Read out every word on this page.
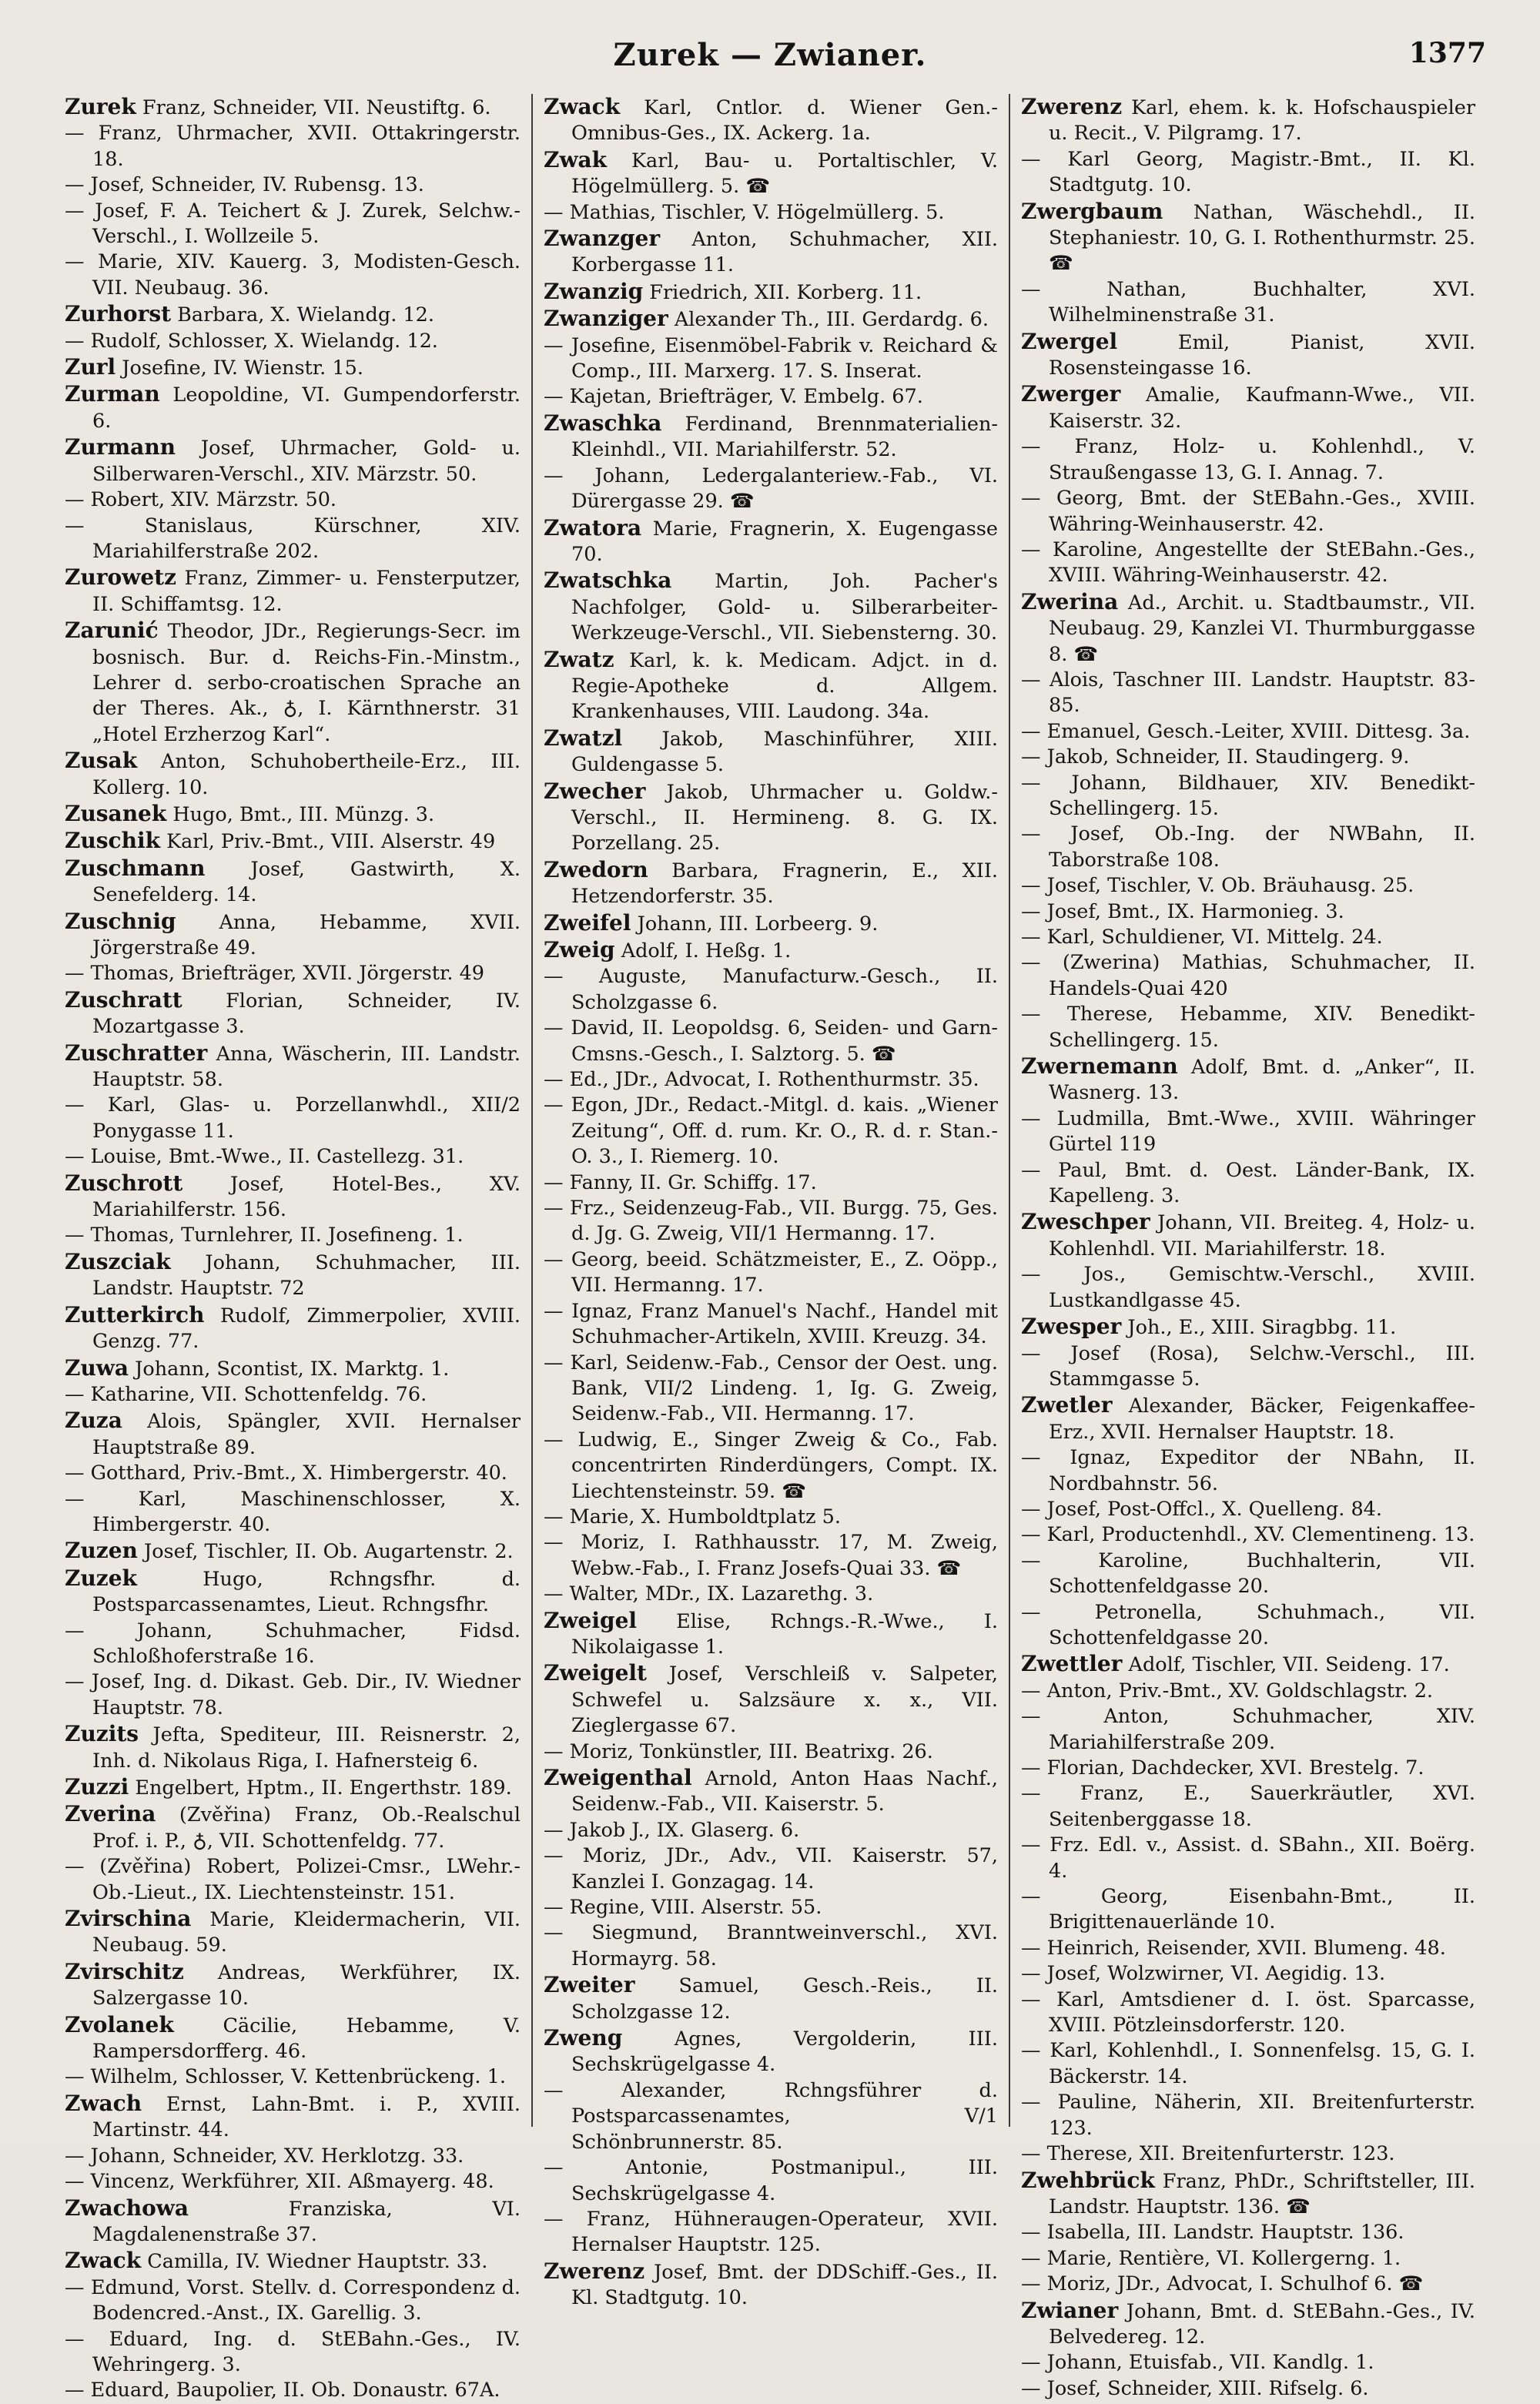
Zurek — Zwianer.	1377
Zurek Franz, Schneider, VII. Neustiftg. 6.
— Franz, Uhrmacher, XVII. Ottakringerstr. 18.
— Josef, Schneider, IV. Rubensg. 13.
— Josef, F. A. Teichert & J. Zurek, Selchw.-Verschl., I. Wollzeile 5.
— Marie, XIV. Kauerg. 3, Modisten-Gesch. VII. Neubaug. 36.
Zurhorst Barbara, X. Wielandg. 12.
— Rudolf, Schlosser, X. Wielandg. 12.
Zurl Josefine, IV. Wienstr. 15.
Zurman Leopoldine, VI. Gumpendorferstr. 6.
Zurmann Josef, Uhrmacher, Gold- u. Silberwaren-Verschl., XIV. Märzstr. 50.
— Robert, XIV. Märzstr. 50.
— Stanislaus, Kürschner, XIV. Mariahilferstraße 202.
Zurowetz Franz, Zimmer- u. Fensterputzer, II. Schiffamtsg. 12.
Zarunić Theodor, JDr., Regierungs-Secr. im bosnisch. Bur. d. Reichs-Fin.-Minstm., Lehrer d. serbo-croatischen Sprache an der Theres. Ak., ♁, I. Kärnthnerstr. 31 „Hotel Erzherzog Karl“.
Zusak Anton, Schuhobertheile-Erz., III. Kollerg. 10.
Zusanek Hugo, Bmt., III. Münzg. 3.
Zuschik Karl, Priv.-Bmt., VIII. Alserstr. 49
Zuschmann Josef, Gastwirth, X. Senefelderg. 14.
Zuschnig Anna, Hebamme, XVII. Jörgerstraße 49.
— Thomas, Briefträger, XVII. Jörgerstr. 49
Zuschratt Florian, Schneider, IV. Mozartgasse 3.
Zuschratter Anna, Wäscherin, III. Landstr. Hauptstr. 58.
— Karl, Glas- u. Porzellanwhdl., XII/2 Ponygasse 11.
— Louise, Bmt.-Wwe., II. Castellezg. 31.
Zuschrott Josef, Hotel-Bes., XV. Mariahilferstr. 156.
— Thomas, Turnlehrer, II. Josefineng. 1.
Zuszciak Johann, Schuhmacher, III. Landstr. Hauptstr. 72
Zutterkirch Rudolf, Zimmerpolier, XVIII. Genzg. 77.
Zuwa Johann, Scontist, IX. Marktg. 1.
— Katharine, VII. Schottenfeldg. 76.
Zuza Alois, Spängler, XVII. Hernalser Hauptstraße 89.
— Gotthard, Priv.-Bmt., X. Himbergerstr. 40.
— Karl, Maschinenschlosser, X. Himbergerstr. 40.
Zuzen Josef, Tischler, II. Ob. Augartenstr. 2.
Zuzek	Hugo, Rchngsfhr. d. Postsparcassenamtes, Lieut. Rchngsfhr.
— Johann, Schuhmacher, Fidsd. Schloßhoferstraße 16.
— Josef, Ing. d. Dikast. Geb. Dir., IV. Wiedner Hauptstr. 78.
Zuzits Jefta, Spediteur, III. Reisnerstr. 2, Inh. d. Nikolaus Riga, I. Hafnersteig 6.
Zuzzi Engelbert, Hptm., II. Engerthstr. 189.
Zverina (Zvěřina) Franz, Ob.-Realschul Prof. i. P., ♁, VII. Schottenfeldg. 77.
— (Zvěřina) Robert, Polizei-Cmsr., LWehr.-Ob.-Lieut., IX. Liechtensteinstr. 151.
Zvirschina Marie, Kleidermacherin, VII. Neubaug. 59.
Zvirschitz Andreas, Werkführer, IX. Salzergasse 10.
Zvolanek Cäcilie, Hebamme, V. Rampersdorfferg. 46.
— Wilhelm, Schlosser, V. Kettenbrückeng. 1.
Zwach Ernst, Lahn-Bmt. i. P., XVIII. Martinstr. 44.
— Johann, Schneider, XV. Herklotzg. 33.
— Vincenz, Werkführer, XII. Aßmayerg. 48.
Zwachowa	Franziska, VI. Magdalenenstraße 37.
Zwack Camilla, IV. Wiedner Hauptstr. 33.
— Edmund, Vorst. Stellv. d. Correspondenz d. Bodencred.-Anst., IX. Garellig. 3.
— Eduard, Ing. d. StEBahn.-Ges., IV. Wehringerg. 3.
— Eduard, Baupolier, II. Ob. Donaustr. 67A.
Zwack Karl, Cntlor. d. Wiener Gen.-Omnibus-Ges., IX. Ackerg. 1a.
Zwak Karl, Bau- u. Portaltischler, V. Högelmüllerg. 5. ☎
— Mathias, Tischler, V. Högelmüllerg. 5.
Zwanzger Anton, Schuhmacher, XII. Korbergasse 11.
Zwanzig Friedrich, XII. Korberg. 11.
Zwanziger Alexander Th., III. Gerdardg. 6.
— Josefine, Eisenmöbel-Fabrik v. Reichard & Comp., III. Marxerg. 17. S. Inserat.
— Kajetan, Briefträger, V. Embelg. 67.
Zwaschka Ferdinand, Brennmaterialien-Kleinhdl., VII. Mariahilferstr. 52.
— Johann, Ledergalanteriew.-Fab., VI. Dürergasse 29. ☎
Zwatora Marie, Fragnerin, X. Eugengasse 70.
Zwatschka Martin, Joh. Pacher's Nachfolger, Gold- u. Silberarbeiter-Werkzeuge-Verschl., VII. Siebensterng. 30.
Zwatz Karl, k. k. Medicam. Adjct. in d. Regie-Apotheke d. Allgem. Krankenhauses, VIII. Laudong. 34a.
Zwatzl Jakob, Maschinführer, XIII. Guldengasse 5.
Zwecher Jakob, Uhrmacher u. Goldw.-Verschl., II. Hermineng. 8. G. IX. Porzellang. 25.
Zwedorn Barbara, Fragnerin, E., XII. Hetzendorferstr. 35.
Zweifel Johann, III. Lorbeerg. 9.
Zweig Adolf, I. Heßg. 1.
— Auguste, Manufacturw.-Gesch., II. Scholzgasse 6.
— David, II. Leopoldsg. 6, Seiden- und Garn-Cmsns.-Gesch., I. Salztorg. 5. ☎
— Ed., JDr., Advocat, I. Rothenthurmstr. 35.
— Egon, JDr., Redact.-Mitgl. d. kais. „Wiener Zeitung“, Off. d. rum. Kr. O., R. d. r. Stan.-O. 3., I. Riemerg. 10.
— Fanny, II. Gr. Schiffg. 17.
— Frz., Seidenzeug-Fab., VII. Burgg. 75, Ges. d. Jg. G. Zweig, VII/1 Hermanng. 17.
— Georg, beeid. Schätzmeister, E., Z. Oöpp., VII. Hermanng. 17.
— Ignaz, Franz Manuel's Nachf., Handel mit Schuhmacher-Artikeln, XVIII. Kreuzg. 34.
— Karl, Seidenw.-Fab., Censor der Oest. ung. Bank, VII/2 Lindeng. 1, Ig. G. Zweig, Seidenw.-Fab., VII. Hermanng. 17.
— Ludwig, E., Singer Zweig & Co., Fab. concentrirten Rinderdüngers, Compt. IX. Liechtensteinstr. 59. ☎
— Marie, X. Humboldtplatz 5.
— Moriz, I. Rathhausstr. 17, M. Zweig, Webw.-Fab., I. Franz Josefs-Quai 33. ☎
— Walter, MDr., IX. Lazarethg. 3.
Zweigel Elise, Rchngs.-R.-Wwe., I. Nikolaigasse 1.
Zweigelt Josef, Verschleiß v. Salpeter, Schwefel u. Salzsäure x. x., VII. Zieglergasse 67.
— Moriz, Tonkünstler, III. Beatrixg. 26.
Zweigenthal Arnold, Anton Haas Nachf., Seidenw.-Fab., VII. Kaiserstr. 5.
— Jakob J., IX. Glaserg. 6.
— Moriz, JDr., Adv., VII. Kaiserstr. 57, Kanzlei I. Gonzagag. 14.
— Regine, VIII. Alserstr. 55.
— Siegmund, Branntweinverschl., XVI. Hormayrg. 58.
Zweiter Samuel, Gesch.-Reis., II. Scholzgasse 12.
Zweng	Agnes, Vergolderin, III. Sechskrügelgasse 4.
— Alexander, Rchngsführer d. Postsparcassenamtes, V/1 Schönbrunnerstr. 85.
— Antonie, Postmanipul., III. Sechskrügelgasse 4.
— Franz, Hühneraugen-Operateur, XVII. Hernalser Hauptstr. 125.
Zwerenz Josef, Bmt. der DDSchiff.-Ges., II. Kl. Stadtgutg. 10.
Zwerenz Karl, ehem. k. k. Hofschauspieler u. Recit., V. Pilgramg. 17.
— Karl Georg, Magistr.-Bmt., II. Kl. Stadtgutg. 10.
Zwergbaum Nathan, Wäschehdl., II. Stephaniestr. 10, G. I. Rothenthurmstr. 25. ☎
— Nathan, Buchhalter, XVI. Wilhelminenstraße 31.
Zwergel	Emil, Pianist, XVII. Rosensteingasse 16.
Zwerger Amalie, Kaufmann-Wwe., VII. Kaiserstr. 32.
— Franz, Holz- u. Kohlenhdl., V. Straußengasse 13, G. I. Annag. 7.
— Georg, Bmt. der StEBahn.-Ges., XVIII. Währing-Weinhauserstr. 42.
— Karoline, Angestellte der StEBahn.-Ges., XVIII. Währing-Weinhauserstr. 42.
Zwerina Ad., Archit. u. Stadtbaumstr., VII. Neubaug. 29, Kanzlei VI. Thurmburggasse 8. ☎
— Alois, Taschner III. Landstr. Hauptstr. 83-85.
— Emanuel, Gesch.-Leiter, XVIII. Dittesg. 3a.
— Jakob, Schneider, II. Staudingerg. 9.
— Johann, Bildhauer, XIV. Benedikt-Schellingerg. 15.
— Josef, Ob.-Ing. der NWBahn, II. Taborstraße 108.
— Josef, Tischler, V. Ob. Bräuhausg. 25.
— Josef, Bmt., IX. Harmonieg. 3.
— Karl, Schuldiener, VI. Mittelg. 24.
— (Zwerina) Mathias, Schuhmacher, II. Handels-Quai 420
— Therese, Hebamme, XIV. Benedikt-Schellingerg. 15.
Zwernemann Adolf, Bmt. d. „Anker“, II. Wasnerg. 13.
— Ludmilla, Bmt.-Wwe., XVIII. Währinger Gürtel 119
— Paul, Bmt. d. Oest. Länder-Bank, IX. Kapelleng. 3.
Zweschper Johann, VII. Breiteg. 4, Holz- u. Kohlenhdl. VII. Mariahilferstr. 18.
— Jos., Gemischtw.-Verschl., XVIII. Lustkandlgasse 45.
Zwesper Joh., E., XIII. Siragbbg. 11.
— Josef (Rosa), Selchw.-Verschl., III. Stammgasse 5.
Zwetler Alexander, Bäcker, Feigenkaffee-Erz., XVII. Hernalser Hauptstr. 18.
— Ignaz, Expeditor der NBahn, II. Nordbahnstr. 56.
— Josef, Post-Offcl., X. Quelleng. 84.
— Karl, Productenhdl., XV. Clementineng. 13.
— Karoline, Buchhalterin, VII. Schottenfeldgasse 20.
— Petronella, Schuhmach., VII. Schottenfeldgasse 20.
Zwettler Adolf, Tischler, VII. Seideng. 17.
— Anton, Priv.-Bmt., XV. Goldschlagstr. 2.
— Anton, Schuhmacher, XIV. Mariahilferstraße 209.
— Florian, Dachdecker, XVI. Brestelg. 7.
— Franz, E., Sauerkräutler, XVI. Seitenberggasse 18.
— Frz. Edl. v., Assist. d. SBahn., XII. Boërg. 4.
— Georg, Eisenbahn-Bmt., II. Brigittenauerlände 10.
— Heinrich, Reisender, XVII. Blumeng. 48.
— Josef, Wolzwirner, VI. Aegidig. 13.
— Karl, Amtsdiener d. I. öst. Sparcasse, XVIII. Pötzleinsdorferstr. 120.
— Karl, Kohlenhdl., I. Sonnenfelsg. 15, G. I. Bäckerstr. 14.
— Pauline, Näherin, XII. Breitenfurterstr. 123.
— Therese, XII. Breitenfurterstr. 123.
Zwehbrück Franz, PhDr., Schriftsteller, III. Landstr. Hauptstr. 136. ☎
— Isabella, III. Landstr. Hauptstr. 136.
— Marie, Rentière, VI. Kollergerng. 1.
— Moriz, JDr., Advocat, I. Schulhof 6. ☎
Zwianer Johann, Bmt. d. StEBahn.-Ges., IV. Belvedereg. 12.
— Johann, Etuisfab., VII. Kandlg. 1.
— Josef, Schneider, XIII. Rifselg. 6.
